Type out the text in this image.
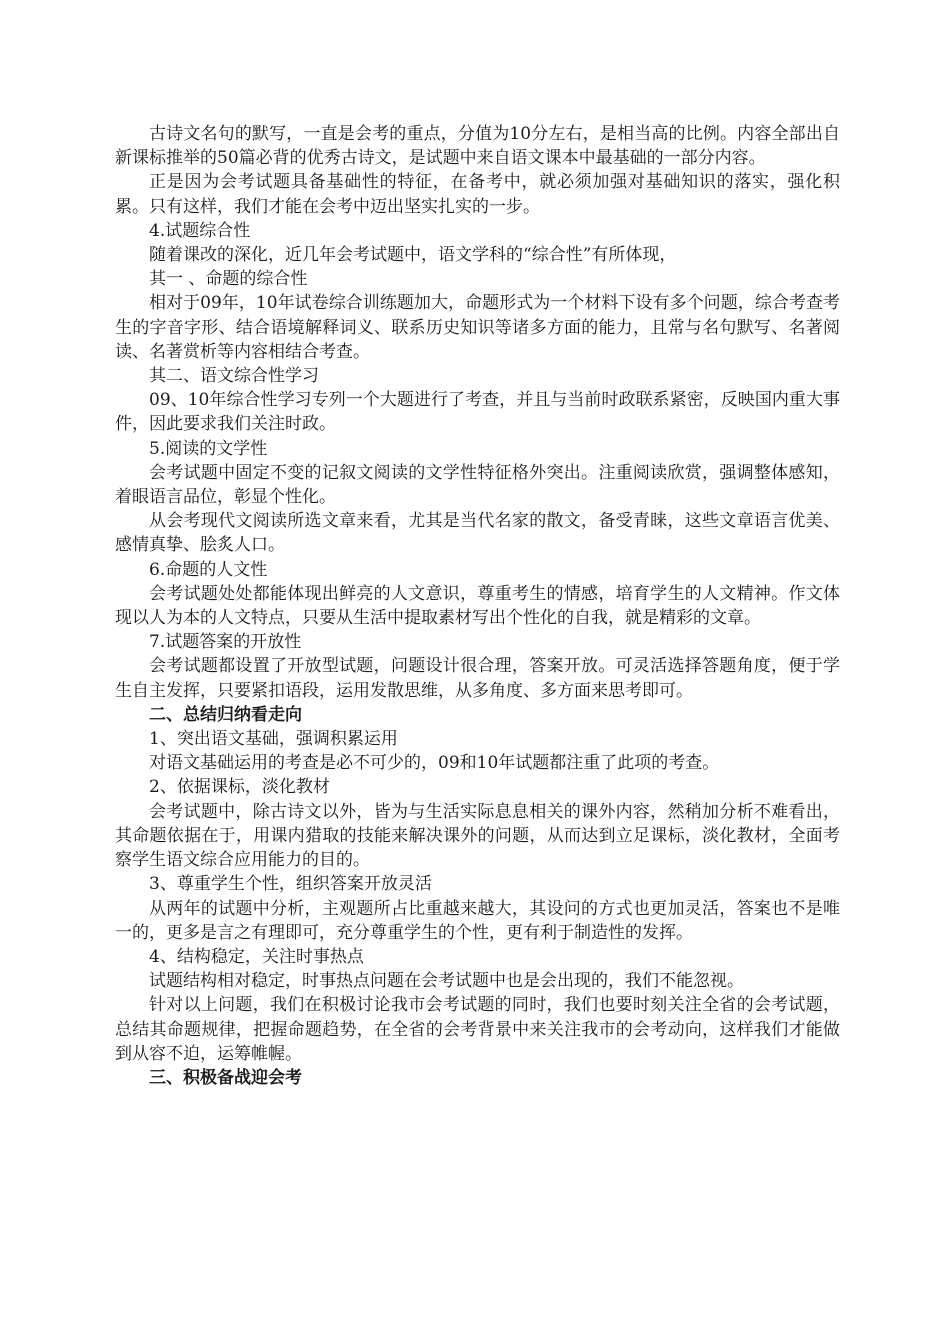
古诗文名句的默写，一直是会考的重点，分值为10分左右，是相当高的比例。内容全部出自新课标推举的50篇必背的优秀古诗文，是试题中来自语文课本中最基础的一部分内容。

正是因为会考试题具备基础性的特征，在备考中，就必须加强对基础知识的落实，强化积累。只有这样，我们才能在会考中迈出坚实扎实的一步。

4.试题综合性

随着课改的深化，近几年会考试题中，语文学科的“综合性”有所体现，

其一 、命题的综合性

相对于09年，10年试卷综合训练题加大，命题形式为一个材料下设有多个问题，综合考查考生的字音字形、结合语境解释词义、联系历史知识等诸多方面的能力，且常与名句默写、名著阅读、名著赏析等内容相结合考查。

其二、语文综合性学习

09、10年综合性学习专列一个大题进行了考查，并且与当前时政联系紧密，反映国内重大事件，因此要求我们关注时政。

5.阅读的文学性

会考试题中固定不变的记叙文阅读的文学性特征格外突出。注重阅读欣赏，强调整体感知，着眼语言品位，彰显个性化。

从会考现代文阅读所选文章来看，尤其是当代名家的散文，备受青睐，这些文章语言优美、感情真挚、脍炙人口。

6.命题的人文性

会考试题处处都能体现出鲜亮的人文意识，尊重考生的情感，培育学生的人文精神。作文体现以人为本的人文特点，只要从生活中提取素材写出个性化的自我，就是精彩的文章。

7.试题答案的开放性

会考试题都设置了开放型试题，问题设计很合理，答案开放。可灵活选择答题角度，便于学生自主发挥，只要紧扣语段，运用发散思维，从多角度、多方面来思考即可。

二、总结归纳看走向

1、突出语文基础，强调积累运用

对语文基础运用的考查是必不可少的，09和10年试题都注重了此项的考查。

2、依据课标，淡化教材

会考试题中，除古诗文以外，皆为与生活实际息息相关的课外内容，然稍加分析不难看出，其命题依据在于，用课内猎取的技能来解决课外的问题，从而达到立足课标，淡化教材，全面考察学生语文综合应用能力的目的。

3、尊重学生个性，组织答案开放灵活

从两年的试题中分析，主观题所占比重越来越大，其设问的方式也更加灵活，答案也不是唯一的，更多是言之有理即可，充分尊重学生的个性，更有利于制造性的发挥。

4、结构稳定，关注时事热点

试题结构相对稳定，时事热点问题在会考试题中也是会出现的，我们不能忽视。

针对以上问题，我们在积极讨论我市会考试题的同时，我们也要时刻关注全省的会考试题，总结其命题规律，把握命题趋势，在全省的会考背景中来关注我市的会考动向，这样我们才能做到从容不迫，运筹帷幄。

三、积极备战迎会考
